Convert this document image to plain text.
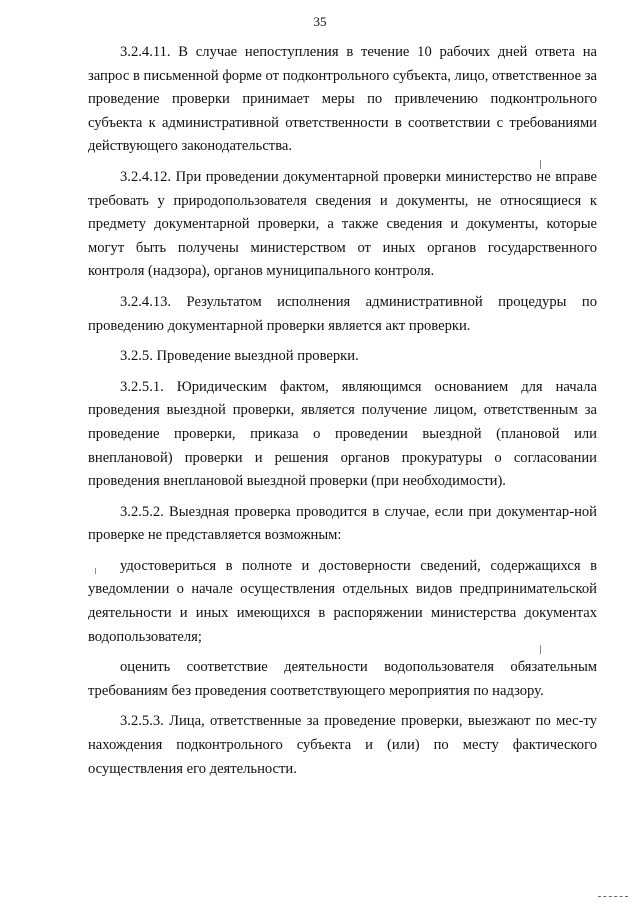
35

3.2.4.11. В случае непоступления в течение 10 рабочих дней ответа на запрос в письменной форме от подконтрольного субъекта, лицо, ответственное за проведение проверки принимает меры по привлечению подконтрольного субъекта к административной ответственности в соответствии с требованиями действующего законодательства.

3.2.4.12. При проведении документарной проверки министерство не вправе требовать у природопользователя сведения и документы, не относящиеся к предмету документарной проверки, а также сведения и документы, которые могут быть получены министерством от иных органов государственного контроля (надзора), органов муниципального контроля.

3.2.4.13. Результатом исполнения административной процедуры по проведению документарной проверки является акт проверки.

3.2.5. Проведение выездной проверки.

3.2.5.1. Юридическим фактом, являющимся основанием для начала проведения выездной проверки, является получение лицом, ответственным за проведение проверки, приказа о проведении выездной (плановой или внеплановой) проверки и решения органов прокуратуры о согласовании проведения внеплановой выездной проверки (при необходимости).

3.2.5.2. Выездная проверка проводится в случае, если при документар-ной проверке не представляется возможным:

удостовериться в полноте и достоверности сведений, содержащихся в уведомлении о начале осуществления отдельных видов предпринимательской деятельности и иных имеющихся в распоряжении министерства документах водопользователя;

оценить соответствие деятельности водопользователя обязательным требованиям без проведения соответствующего мероприятия по надзору.

3.2.5.3. Лица, ответственные за проведение проверки, выезжают по мес-ту нахождения подконтрольного субъекта и (или) по месту фактического осуществления его деятельности.
